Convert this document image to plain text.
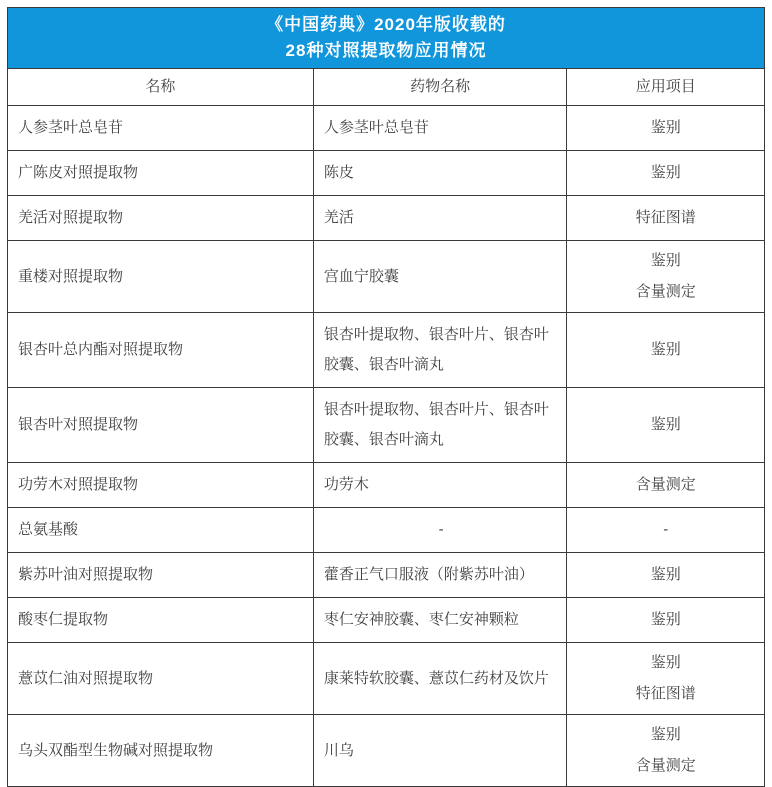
《中国药典》2020年版收载的
28种对照提取物应用情况		

名称	药物名称	应用项目
人参茎叶总皂苷	人参茎叶总皂苷	鉴别

广陈皮对照提取物	陈皮	鉴别

羌活对照提取物	羌活	特征图谱

重楼对照提取物	宫血宁胶囊	鉴别
含量测定

银杏叶总内酯对照提取物	银杏叶提取物、银杏叶片、银杏叶胶囊、银杏叶滴丸	鉴别

银杏叶对照提取物	银杏叶提取物、银杏叶片、银杏叶胶囊、银杏叶滴丸	鉴别

功劳木对照提取物	功劳木	含量测定

总氨基酸	-	-

紫苏叶油对照提取物	藿香正气口服液（附紫苏叶油）	鉴别

酸枣仁提取物	枣仁安神胶囊、枣仁安神颗粒	鉴别

薏苡仁油对照提取物	康莱特软胶囊、薏苡仁药材及饮片	鉴别
特征图谱

乌头双酯型生物碱对照提取物	川乌	鉴别
含量测定
